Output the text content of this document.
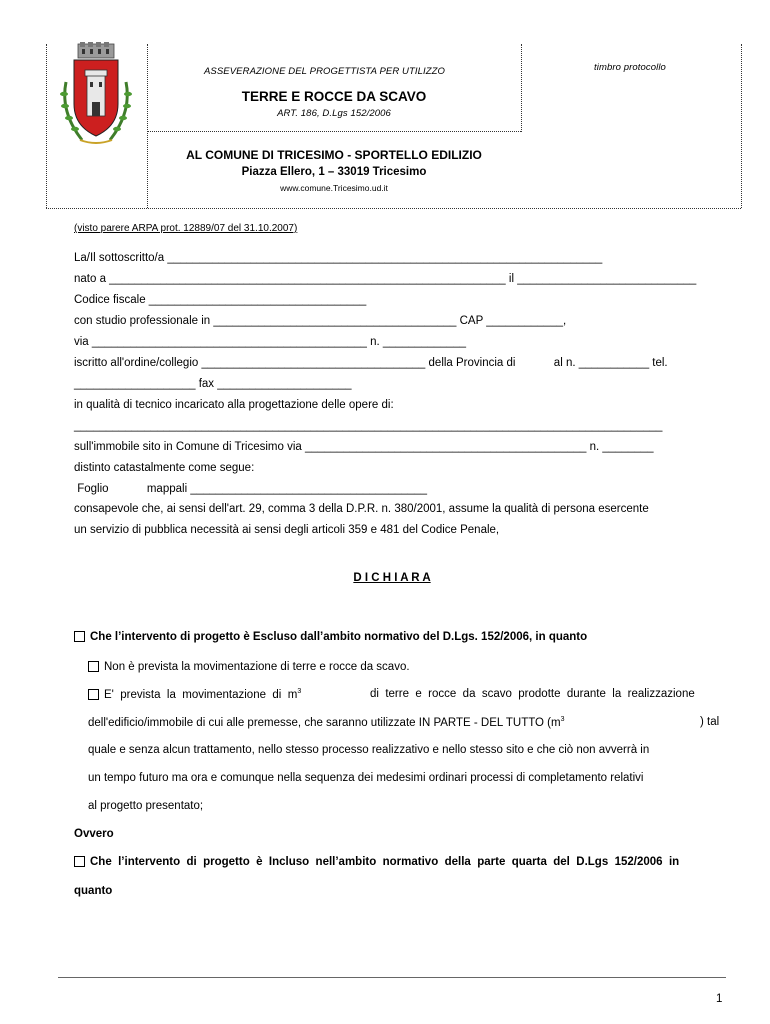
ASSEVERAZIONE DEL PROGETTISTA PER UTILIZZO	timbro protocollo
TERRE E ROCCE DA SCAVO
ART. 186, D.Lgs 152/2006
AL COMUNE DI TRICESIMO - SPORTELLO EDILIZIO
Piazza Ellero, 1 – 33019 Tricesimo
www.comune.Tricesimo.ud.it
(visto parere ARPA prot. 12889/07 del 31.10.2007)
La/Il sottoscritto/a ____________________________________________________________________
nato a ______________________________________________________________ il ____________________________
Codice fiscale __________________________________
con studio professionale in ______________________________________ CAP ____________,
via ___________________________________________ n. _____________
iscritto all'ordine/collegio ___________________________________ della Provincia di            al n. ___________ tel.
___________________ fax _____________________
in qualità di tecnico incaricato alla progettazione delle opere di:
____________________________________________________________________________________________
sull'immobile sito in Comune di Tricesimo via ____________________________________________ n. ________
distinto catastalmente come segue:
Foglio            mappali _____________________________________
consapevole che, ai sensi dell'art. 29, comma 3 della D.P.R. n. 380/2001, assume la qualità di persona esercente
un servizio di pubblica necessità ai sensi degli articoli 359 e 481 del Codice Penale,
D I C H I A R A
Che l’intervento di progetto è Escluso dall’ambito normativo del D.Lgs. 152/2006, in quanto
Non è prevista la movimentazione di terre e rocce da scavo.
E'  prevista  la  movimentazione  di  $m^3$	di  terre  e  rocce  da  scavo  prodotte  durante  la  realizzazione
dell'edificio/immobile di cui alle premesse, che saranno utilizzate IN PARTE - DEL TUTTO ($m^3$	) tal
quale e senza alcun trattamento, nello stesso processo realizzativo e nello stesso sito e che ciò non avverrà in
un tempo futuro ma ora e comunque nella sequenza dei medesimi ordinari processi di completamento relativi
al progetto presentato;
Ovvero
Che  l’intervento  di  progetto  è  Incluso  nell’ambito  normativo  della  parte  quarta  del  D.Lgs  152/2006  in
quanto
1
